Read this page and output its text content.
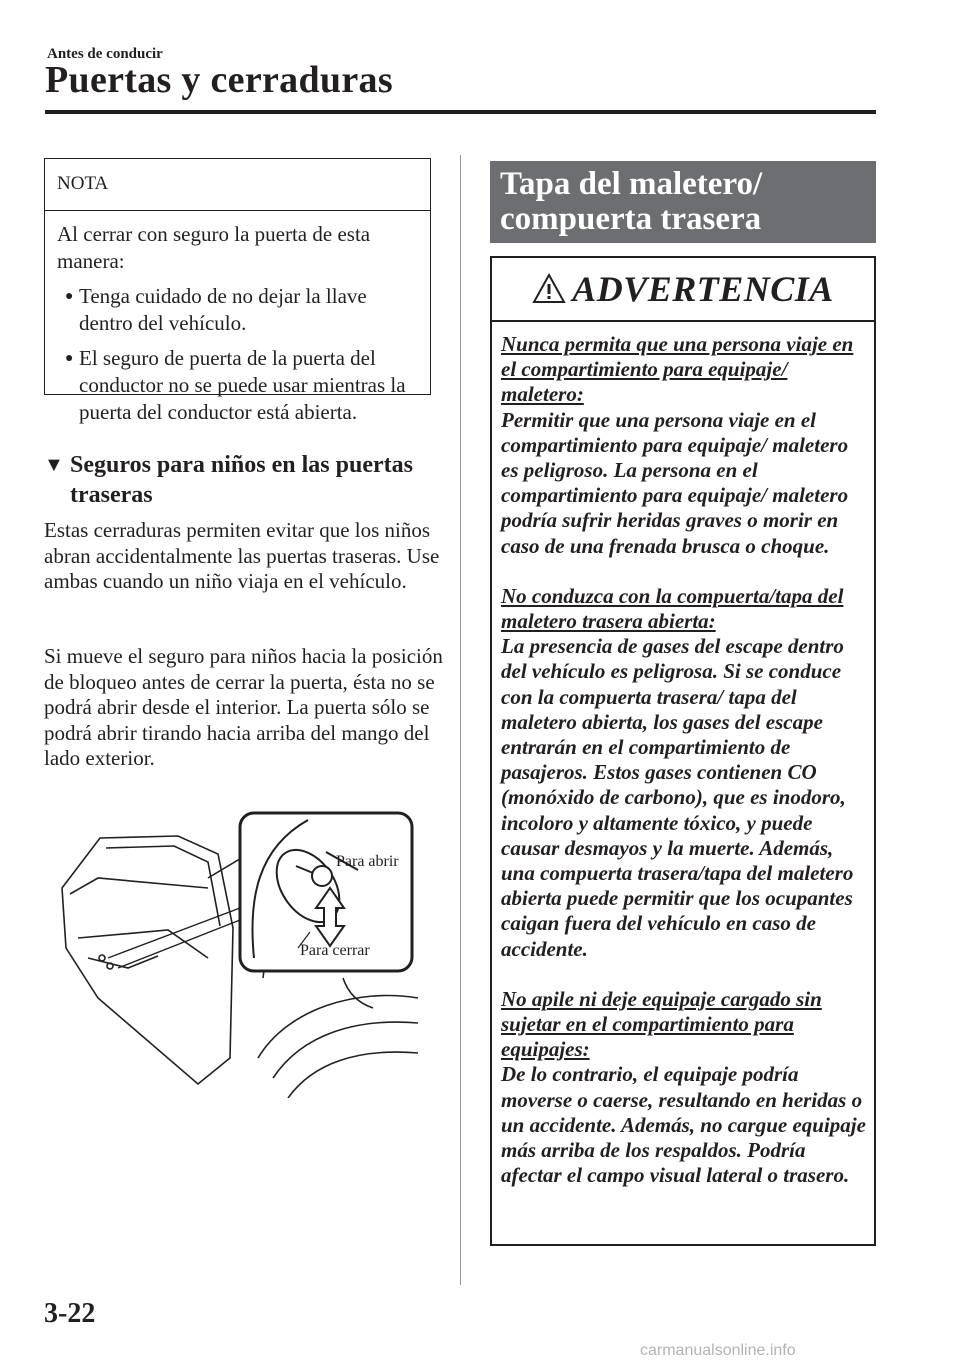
Antes de conducir
Puertas y cerraduras
NOTA

Al cerrar con seguro la puerta de esta manera:

● Tenga cuidado de no dejar la llave dentro del vehículo.
● El seguro de puerta de la puerta del conductor no se puede usar mientras la puerta del conductor está abierta.
▼ Seguros para niños en las puertas traseras
Estas cerraduras permiten evitar que los niños abran accidentalmente las puertas traseras. Use ambas cuando un niño viaja en el vehículo.
Si mueve el seguro para niños hacia la posición de bloqueo antes de cerrar la puerta, ésta no se podrá abrir desde el interior. La puerta sólo se podrá abrir tirando hacia arriba del mango del lado exterior.
Para abrir
Para cerrar
Tapa del maletero/ compuerta trasera
ADVERTENCIA
Nunca permita que una persona viaje en el compartimiento para equipaje/ maletero:
Permitir que una persona viaje en el compartimiento para equipaje/ maletero es peligroso. La persona en el compartimiento para equipaje/ maletero podría sufrir heridas graves o morir en caso de una frenada brusca o choque.
No conduzca con la compuerta/tapa del maletero trasera abierta:
La presencia de gases del escape dentro del vehículo es peligrosa. Si se conduce con la compuerta trasera/ tapa del maletero abierta, los gases del escape entrarán en el compartimiento de pasajeros. Estos gases contienen CO (monóxido de carbono), que es inodoro, incoloro y altamente tóxico, y puede causar desmayos y la muerte. Además, una compuerta trasera/tapa del maletero abierta puede permitir que los ocupantes caigan fuera del vehículo en caso de accidente.
No apile ni deje equipaje cargado sin sujetar en el compartimiento para equipajes:
De lo contrario, el equipaje podría moverse o caerse, resultando en heridas o un accidente. Además, no cargue equipaje más arriba de los respaldos. Podría afectar el campo visual lateral o trasero.
3-22
carmanualsonline.info
